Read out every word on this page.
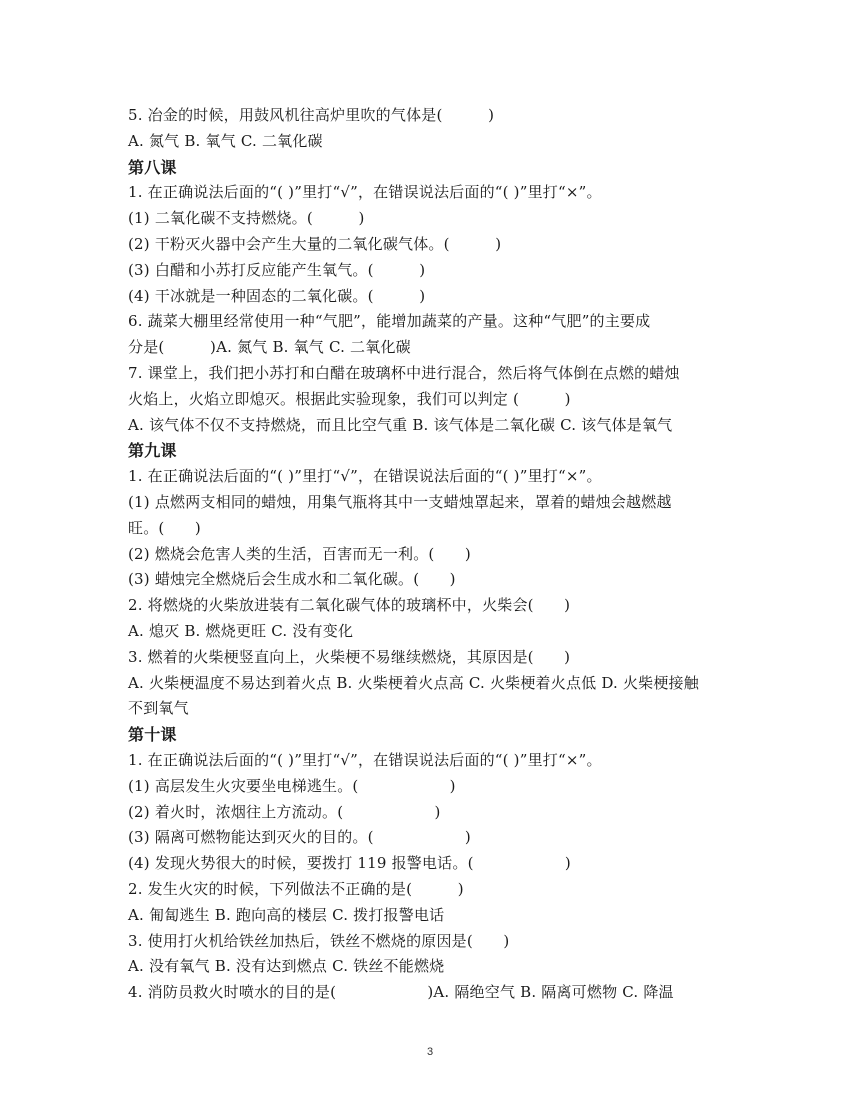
5. 冶金的时候，用鼓风机往高炉里吹的气体是(　　　)
A. 氮气 B. 氧气 C. 二氧化碳
第八课
1. 在正确说法后面的“( )”里打“√”，在错误说法后面的“( )”里打“×”。
(1) 二氧化碳不支持燃烧。(　　　)
(2) 干粉灭火器中会产生大量的二氧化碳气体。(　　　)
(3) 白醋和小苏打反应能产生氧气。(　　　)
(4) 干冰就是一种固态的二氧化碳。(　　　)
6. 蔬菜大棚里经常使用一种“气肥”，能增加蔬菜的产量。这种“气肥”的主要成
分是(　　　)A. 氮气 B. 氧气 C. 二氧化碳
7. 课堂上，我们把小苏打和白醋在玻璃杯中进行混合，然后将气体倒在点燃的蜡烛
火焰上，火焰立即熄灭。根据此实验现象，我们可以判定 (　　　)
A. 该气体不仅不支持燃烧，而且比空气重 B. 该气体是二氧化碳 C. 该气体是氧气
第九课
1. 在正确说法后面的“( )”里打“√”，在错误说法后面的“( )”里打“×”。
(1) 点燃两支相同的蜡烛，用集气瓶将其中一支蜡烛罩起来，罩着的蜡烛会越燃越
旺。(　　)
(2) 燃烧会危害人类的生活，百害而无一利。(　　)
(3) 蜡烛完全燃烧后会生成水和二氧化碳。(　　)
2. 将燃烧的火柴放进装有二氧化碳气体的玻璃杯中，火柴会(　　)
A. 熄灭 B. 燃烧更旺 C. 没有变化
3. 燃着的火柴梗竖直向上，火柴梗不易继续燃烧，其原因是(　　)
A. 火柴梗温度不易达到着火点 B. 火柴梗着火点高 C. 火柴梗着火点低 D. 火柴梗接触
不到氧气
第十课
1. 在正确说法后面的“( )”里打“√”，在错误说法后面的“( )”里打“×”。
(1) 高层发生火灾要坐电梯逃生。(　　　　　　)
(2) 着火时，浓烟往上方流动。(　　　　　　)
(3) 隔离可燃物能达到灭火的目的。(　　　　　　)
(4) 发现火势很大的时候，要拨打 119 报警电话。(　　　　　　)
2. 发生火灾的时候，下列做法不正确的是(　　　)
A. 匍匐逃生 B. 跑向高的楼层 C. 拨打报警电话
3. 使用打火机给铁丝加热后，铁丝不燃烧的原因是(　　)
A. 没有氧气 B. 没有达到燃点 C. 铁丝不能燃烧
4. 消防员救火时喷水的目的是(　　　　　　)A. 隔绝空气 B. 隔离可燃物 C. 降温
3
